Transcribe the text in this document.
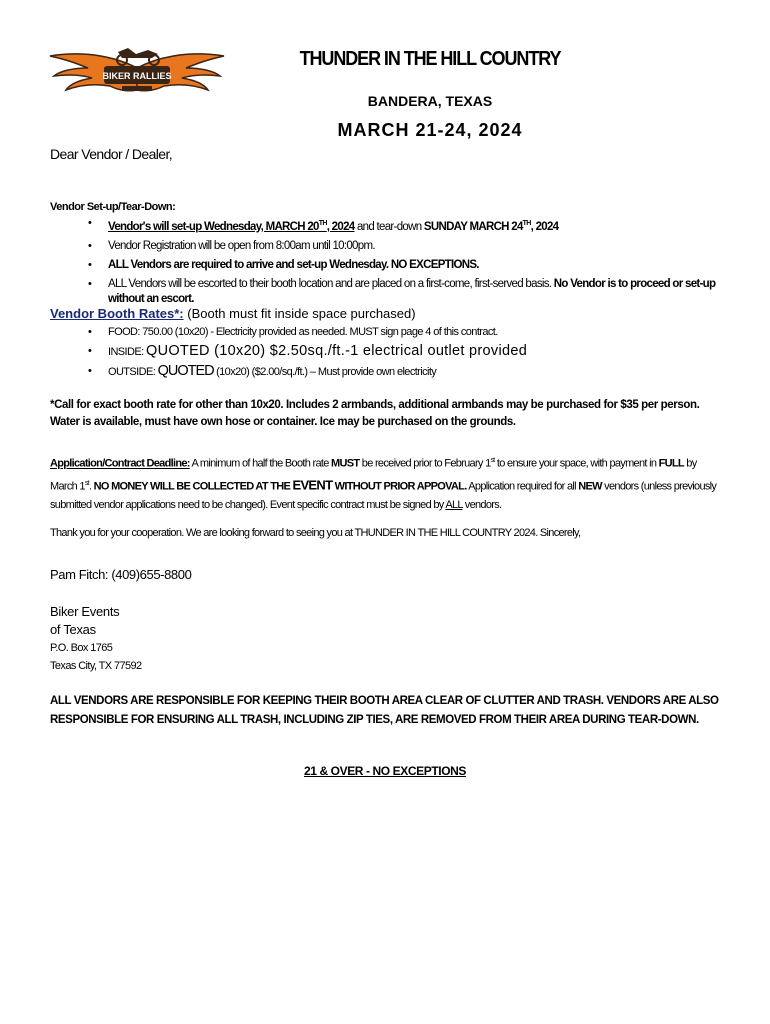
BIKER RALLIES
THUNDER IN THE HILL COUNTRY
BANDERA, TEXAS
MARCH 21-24, 2024
Dear Vendor / Dealer,
Vendor Set-up/Tear-Down:
• Vendor's will set-up Wednesday, MARCH 20TH, 2024 and tear-down SUNDAY MARCH 24TH, 2024
• Vendor Registration will be open from 8:00am until 10:00pm.
• ALL Vendors are required to arrive and set-up Wednesday. NO EXCEPTIONS.
• ALL Vendors will be escorted to their booth location and are placed on a first-come, first-served basis. No Vendor is to proceed or set-up without an escort.
Vendor Booth Rates*: (Booth must fit inside space purchased)
• FOOD: 750.00 (10x20) - Electricity provided as needed. MUST sign page 4 of this contract.
• INSIDE: QUOTED (10x20) $2.50sq./ft.-1 electrical outlet provided
• OUTSIDE: QUOTED (10x20) ($2.00/sq./ft.) – Must provide own electricity
*Call for exact booth rate for other than 10x20. Includes 2 armbands, additional armbands may be purchased for $35 per person. Water is available, must have own hose or container. Ice may be purchased on the grounds.
Application/Contract Deadline: A minimum of half the Booth rate MUST be received prior to February 1st to ensure your space, with payment in FULL by March 1st. NO MONEY WILL BE COLLECTED AT THE EVENT WITHOUT PRIOR APPOVAL. Application required for all NEW vendors (unless previously submitted vendor applications need to be changed). Event specific contract must be signed by ALL vendors.
Thank you for your cooperation. We are looking forward to seeing you at THUNDER IN THE HILL COUNTRY 2024. Sincerely,
Pam Fitch: (409)655-8800
Biker Events
of Texas
P.O. Box 1765
Texas City, TX 77592
ALL VENDORS ARE RESPONSIBLE FOR KEEPING THEIR BOOTH AREA CLEAR OF CLUTTER AND TRASH. VENDORS ARE ALSO RESPONSIBLE FOR ENSURING ALL TRASH, INCLUDING ZIP TIES, ARE REMOVED FROM THEIR AREA DURING TEAR-DOWN.
21 & OVER - NO EXCEPTIONS
